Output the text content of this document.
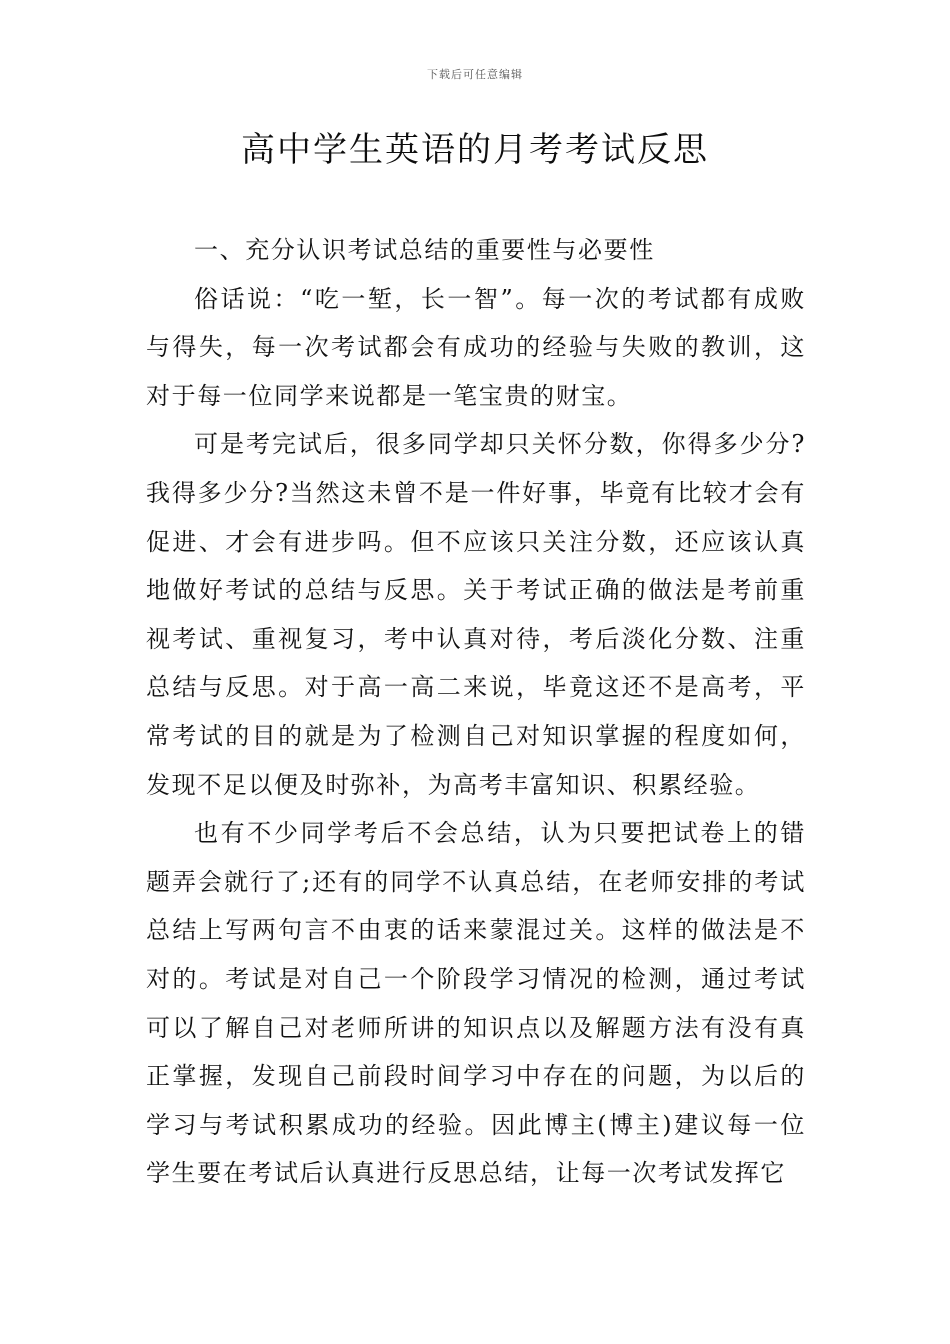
下载后可任意编辑
高中学生英语的月考考试反思

一、充分认识考试总结的重要性与必要性

俗话说：“吃一堑，长一智”。每一次的考试都有成败与得失，每一次考试都会有成功的经验与失败的教训，这对于每一位同学来说都是一笔宝贵的财宝。

可是考完试后，很多同学却只关怀分数，你得多少分?我得多少分?当然这未曾不是一件好事，毕竟有比较才会有促进、才会有进步吗。但不应该只关注分数，还应该认真地做好考试的总结与反思。关于考试正确的做法是考前重视考试、重视复习，考中认真对待，考后淡化分数、注重总结与反思。对于高一高二来说，毕竟这还不是高考，平常考试的目的就是为了检测自己对知识掌握的程度如何，发现不足以便及时弥补，为高考丰富知识、积累经验。

也有不少同学考后不会总结，认为只要把试卷上的错题弄会就行了;还有的同学不认真总结，在老师安排的考试总结上写两句言不由衷的话来蒙混过关。这样的做法是不对的。考试是对自己一个阶段学习情况的检测，通过考试可以了解自己对老师所讲的知识点以及解题方法有没有真正掌握，发现自己前段时间学习中存在的问题，为以后的学习与考试积累成功的经验。因此博主(博主)建议每一位学生要在考试后认真进行反思总结，让每一次考试发挥它
